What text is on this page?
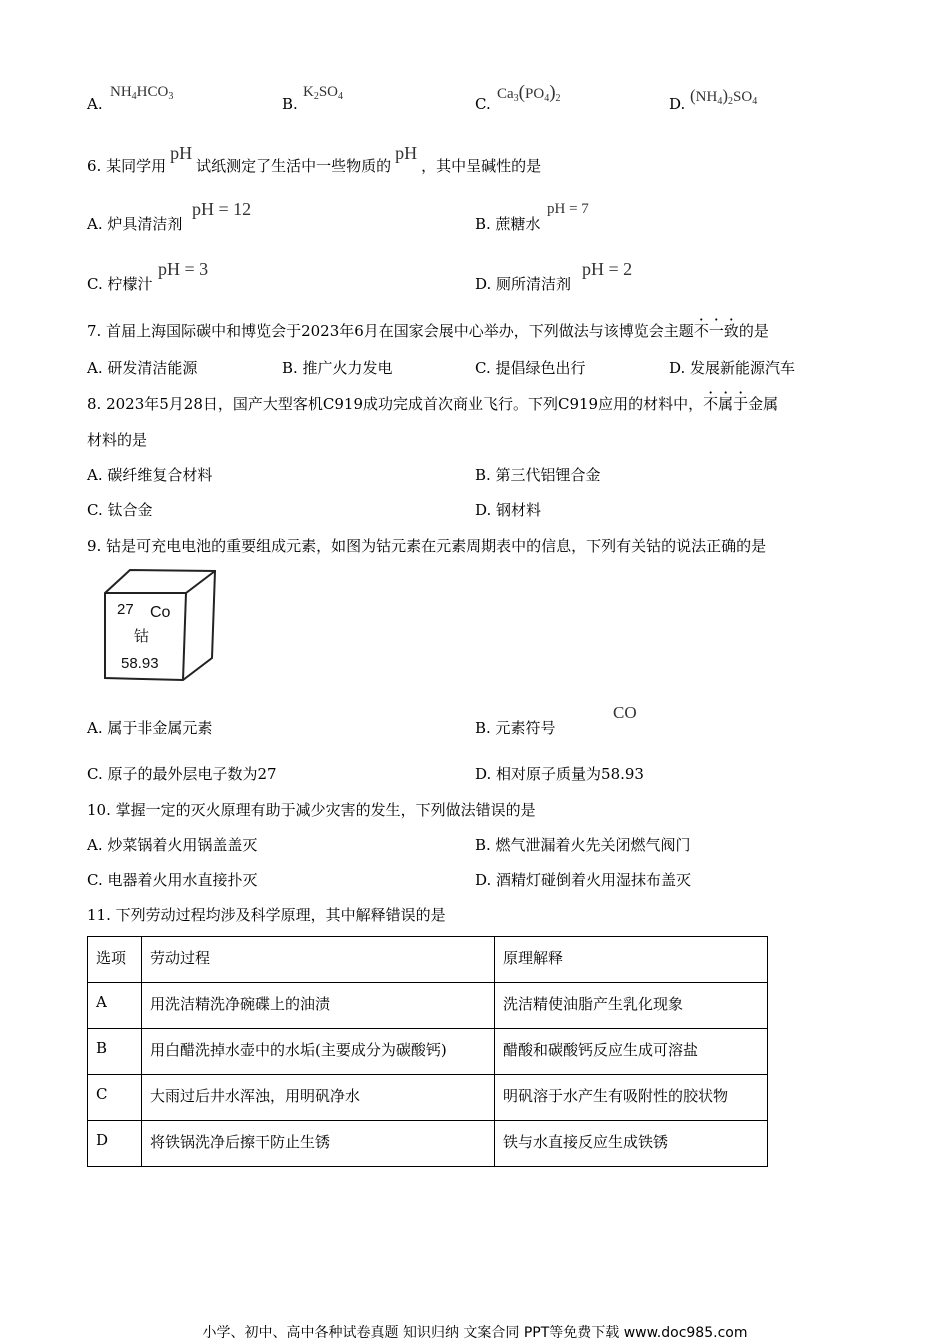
A.
$NH_4HCO_3$	B.
$K_2SO_4$	C.
$Ca_3(PO_4)_2$	D. $(NH_4)_2SO_4$
6. 某同学用pH试纸测定了生活中一些物质的pH，其中呈碱性的是
A. 炉具清洁剂
pH = 12
B. 蔗糖水
pH = 7
C. 柠檬汁
pH = 3
D. 厕所清洁剂
pH = 2
7. 首届上海国际碳中和博览会于2023年6月在国家会展中心举办，下列做法与该博览会主题不一致的是
A. 研发清洁能源	B. 推广火力发电	C. 提倡绿色出行	D. 发展新能源汽车
8. 2023年5月28日，国产大型客机C919成功完成首次商业飞行。下列C919应用的材料中，不属于金属
材料的是
A. 碳纤维复合材料	B. 第三代铝锂合金
C. 钛合金	D. 钢材料
9. 钴是可充电电池的重要组成元素，如图为钴元素在元素周期表中的信息，下列有关钴的说法正确的是
27 Co
钴
58.93
A. 属于非金属元素	B. 元素符号
CO
C. 原子的最外层电子数为27	D. 相对原子质量为58.93
10. 掌握一定的灭火原理有助于减少灾害的发生，下列做法错误的是
A. 炒菜锅着火用锅盖盖灭	B. 燃气泄漏着火先关闭燃气阀门
C. 电器着火用水直接扑灭	D. 酒精灯碰倒着火用湿抹布盖灭
11. 下列劳动过程均涉及科学原理，其中解释错误的是
选项	劳动过程	原理解释
A	用洗洁精洗净碗碟上的油渍	洗洁精使油脂产生乳化现象
B	用白醋洗掉水壶中的水垢(主要成分为碳酸钙)	醋酸和碳酸钙反应生成可溶盐
C	大雨过后井水浑浊，用明矾净水	明矾溶于水产生有吸附性的胶状物
D	将铁锅洗净后擦干防止生锈	铁与水直接反应生成铁锈
小学、初中、高中各种试卷真题 知识归纳 文案合同 PPT等免费下载 www.doc985.com
